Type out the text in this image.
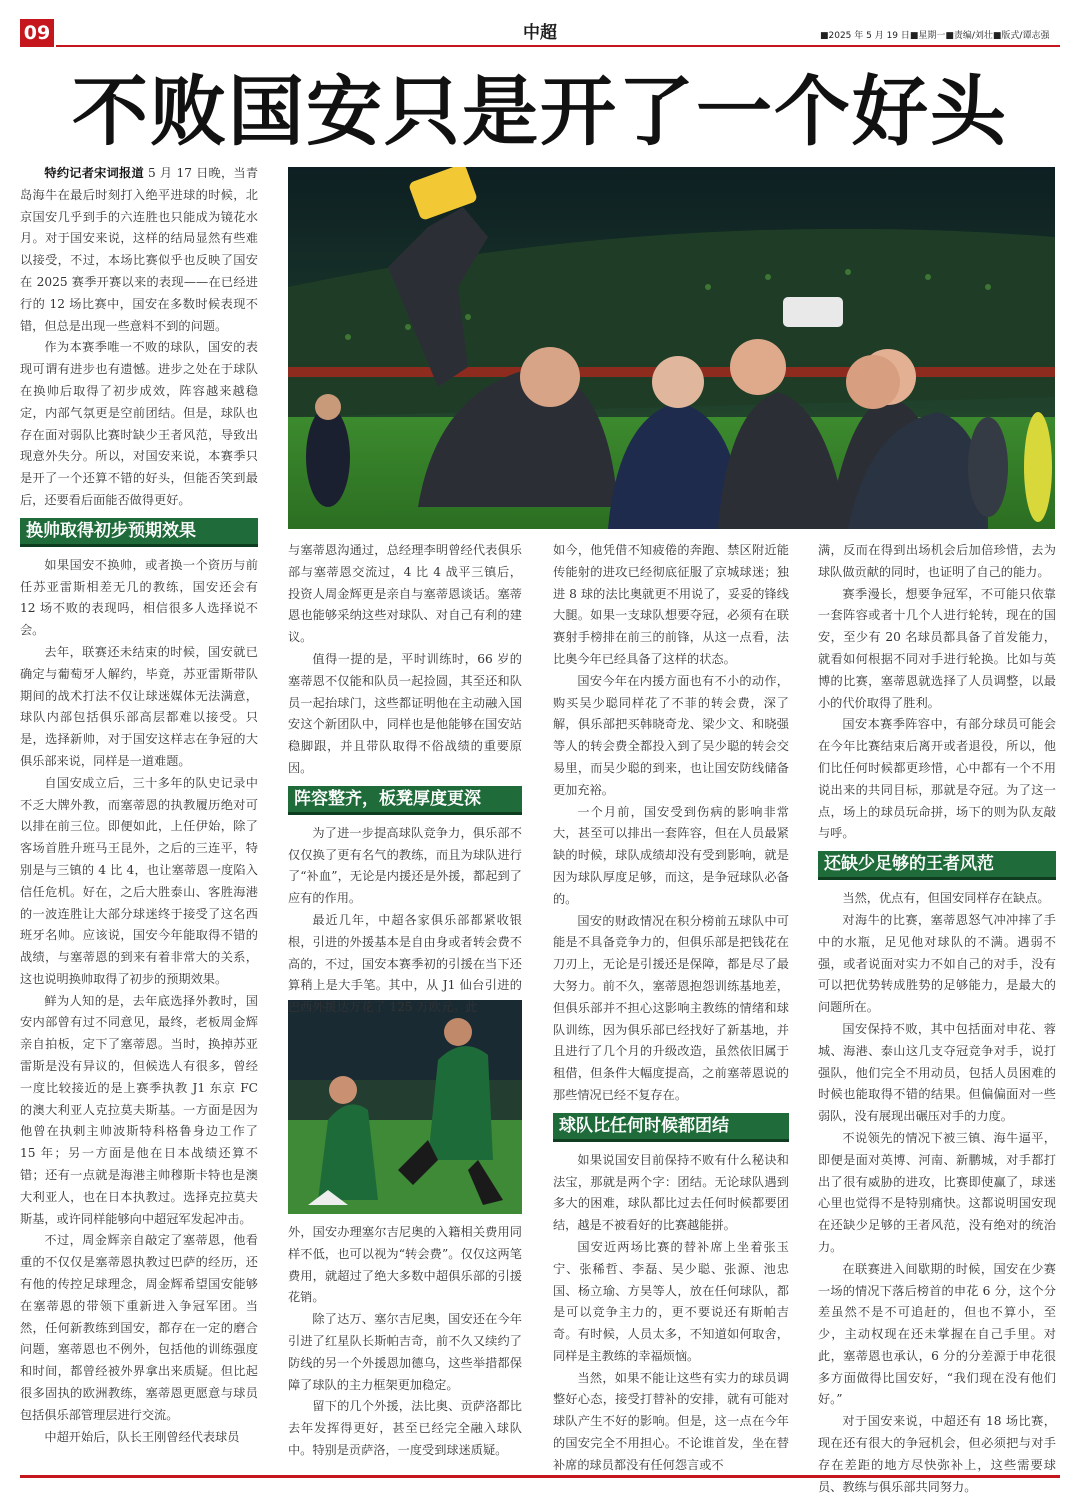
09	中超	■2025 年 5 月 19 日■星期一■责编/刘壮■版式/谭志强
不败国安只是开了一个好头

特约记者宋词报道 5 月 17 日晚，当青岛海牛在最后时刻打入绝平进球的时候，北京国安几乎到手的六连胜也只能成为镜花水月。对于国安来说，这样的结局显然有些难以接受，不过，本场比赛似乎也反映了国安在 2025 赛季开赛以来的表现——在已经进行的 12 场比赛中，国安在多数时候表现不错，但总是出现一些意料不到的问题。

作为本赛季唯一不败的球队，国安的表现可谓有进步也有遗憾。进步之处在于球队在换帅后取得了初步成效，阵容越来越稳定，内部气氛更是空前团结。但是，球队也存在面对弱队比赛时缺少王者风范，导致出现意外失分。所以，对国安来说，本赛季只是开了一个还算不错的好头，但能否笑到最后，还要看后面能否做得更好。

换帅取得初步预期效果

如果国安不换帅，或者换一个资历与前任苏亚雷斯相差无几的教练，国安还会有 12 场不败的表现吗，相信很多人选择说不会。

去年，联赛还未结束的时候，国安就已确定与葡萄牙人解约，毕竟，苏亚雷斯带队期间的战术打法不仅让球迷媒体无法满意，球队内部包括俱乐部高层都难以接受。只是，选择新帅，对于国安这样志在争冠的大俱乐部来说，同样是一道难题。

自国安成立后，三十多年的队史记录中不乏大牌外教，而塞蒂恩的执教履历绝对可以排在前三位。即便如此，上任伊始，除了客场首胜升班马王昆外，之后的三连平，特别是与三镇的 4 比 4，也让塞蒂恩一度陷入信任危机。好在，之后大胜泰山、客胜海港的一波连胜让大部分球迷终于接受了这名西班牙名帅。应该说，国安今年能取得不错的战绩，与塞蒂恩的到来有着非常大的关系，这也说明换帅取得了初步的预期效果。

鲜为人知的是，去年底选择外教时，国安内部曾有过不同意见，最终，老板周金辉亲自拍板，定下了塞蒂恩。当时，换掉苏亚雷斯是没有异议的，但候选人有很多，曾经一度比较接近的是上赛季执教 J1 东京 FC 的澳大利亚人克拉莫夫斯基。一方面是因为他曾在执剌主帅波斯特科格鲁身边工作了 15 年；另一方面是他在日本战绩还算不错；还有一点就是海港主帅穆斯卡特也是澳大利亚人，也在日本执教过。选择克拉莫夫斯基，或许同样能够向中超冠军发起冲击。

不过，周金辉亲自敲定了塞蒂恩，他看重的不仅仅是塞蒂恩执教过巴萨的经历，还有他的传控足球理念，周金辉希望国安能够在塞蒂恩的带领下重新进入争冠军团。当然，任何新教练到国安，都存在一定的磨合问题，塞蒂恩也不例外，包括他的训练强度和时间，都曾经被外界拿出来质疑。但比起很多固执的欧洲教练，塞蒂恩更愿意与球员包括俱乐部管理层进行交流。

中超开始后，队长王刚曾经代表球员

与塞蒂恩沟通过，总经理李明曾经代表俱乐部与塞蒂恩交流过，4 比 4 战平三镇后，投资人周金辉更是亲自与塞蒂恩谈话。塞蒂恩也能够采纳这些对球队、对自己有利的建议。

值得一提的是，平时训练时，66 岁的塞蒂恩不仅能和队员一起捡圆，其至还和队员一起抬球门，这些都证明他在主动融入国安这个新团队中，同样也是他能够在国安站稳脚跟，并且带队取得不俗战绩的重要原因。

阵容整齐，板凳厚度更深

为了进一步提高球队竞争力，俱乐部不仅仅换了更有名气的教练，而且为球队进行了“补血”，无论是内援还是外援，都起到了应有的作用。

最近几年，中超各家俱乐部都紧收银根，引进的外援基本是自由身或者转会费不高的，不过，国安本赛季初的引援在当下还算稍上是大手笔。其中，从 J1 仙台引进的巴西外援达万花了 125 万欧元。此

外，国安办理塞尔吉尼奥的入籍相关费用同样不低，也可以视为“转会费”。仅仅这两笔费用，就超过了绝大多数中超俱乐部的引援花销。

除了达万、塞尔吉尼奥，国安还在今年引进了红星队长斯帕吉奇，前不久又续约了防线的另一个外援恩加德乌，这些举措都保障了球队的主力框架更加稳定。

留下的几个外援，法比奥、贡萨洛都比去年发挥得更好，甚至已经完全融入球队中。特别是贡萨洛，一度受到球迷质疑。

如今，他凭借不知疲倦的奔跑、禁区附近能传能射的进攻已经彻底征服了京城球迷；独进 8 球的法比奥就更不用说了，妥妥的锋线大腿。如果一支球队想要夺冠，必须有在联赛射手榜排在前三的前锋，从这一点看，法比奥今年已经具备了这样的状态。

国安今年在内援方面也有不小的动作，购买吴少聪同样花了不菲的转会费，深了解，俱乐部把买韩晓奇龙、梁少文、和晓强等人的转会费全都投入到了吴少聪的转会交易里，而吴少聪的到来，也让国安防线储备更加充裕。

一个月前，国安受到伤病的影响非常大，甚至可以排出一套阵容，但在人员最紧缺的时候，球队成绩却没有受到影响，就是因为球队厚度足够，而这，是争冠球队必备的。

国安的财政情况在积分榜前五球队中可能是不具备竞争力的，但俱乐部是把钱花在刀刃上，无论是引援还是保障，都是尽了最大努力。前不久，塞蒂恩抱怨训练基地差，但俱乐部并不担心这影响主教练的情绪和球队训练，因为俱乐部已经找好了新基地，并且进行了几个月的升级改造，虽然依旧属于租借，但条件大幅度提高，之前塞蒂恩说的那些情况已经不复存在。

球队比任何时候都团结

如果说国安目前保持不败有什么秘诀和法宝，那就是两个字：团结。无论球队遇到多大的困难，球队都比过去任何时候都要团结，越是不被看好的比赛越能拼。

国安近两场比赛的替补席上坐着张玉宁、张稀哲、李磊、吴少聪、张源、池忠国、杨立瑜、方昊等人，放在任何球队，都是可以竞争主力的，更不要说还有斯帕吉奇。有时候，人员太多，不知道如何取舍，同样是主教练的幸福烦恼。

当然，如果不能让这些有实力的球员调整好心态，接受打替补的安排，就有可能对球队产生不好的影响。但是，这一点在今年的国安完全不用担心。不论谁首发，坐在替补席的球员都没有任何怨言或不

满，反而在得到出场机会后加倍珍惜，去为球队做贡献的同时，也证明了自己的能力。

赛季漫长，想要争冠军，不可能只依靠一套阵容或者十几个人进行轮转，现在的国安，至少有 20 名球员都具备了首发能力，就看如何根据不同对手进行轮换。比如与英博的比赛，塞蒂恩就选择了人员调整，以最小的代价取得了胜利。

国安本赛季阵容中，有部分球员可能会在今年比赛结束后离开或者退役，所以，他们比任何时候都更珍惜，心中都有一个不用说出来的共同目标，那就是夺冠。为了这一点，场上的球员玩命拼，场下的则为队友敲与呼。

还缺少足够的王者风范

当然，优点有，但国安同样存在缺点。

对海牛的比赛，塞蒂恩怒气冲冲摔了手中的水瓶，足见他对球队的不满。遇弱不强，或者说面对实力不如自己的对手，没有可以把优势转成胜势的足够能力，是最大的问题所在。

国安保持不败，其中包括面对申花、蓉城、海港、泰山这几支夺冠竞争对手，说打强队，他们完全不用动员，包括人员困难的时候也能取得不错的结果。但偏偏面对一些弱队，没有展现出碾压对手的力度。

不说领先的情况下被三镇、海牛逼平，即便是面对英博、河南、新鹏城，对手都打出了很有威胁的进攻，比赛即使赢了，球迷心里也觉得不是特别痛快。这都说明国安现在还缺少足够的王者风范，没有绝对的统治力。

在联赛进入间歇期的时候，国安在少赛一场的情况下落后榜首的申花 6 分，这个分差虽然不是不可追赶的，但也不算小，至少，主动权现在还未掌握在自己手里。对此，塞蒂恩也承认，6 分的分差源于申花很多方面做得比国安好，“我们现在没有他们好。”

对于国安来说，中超还有 18 场比赛，现在还有很大的争冠机会，但必须把与对手存在差距的地方尽快弥补上，这些需要球员、教练与俱乐部共同努力。
